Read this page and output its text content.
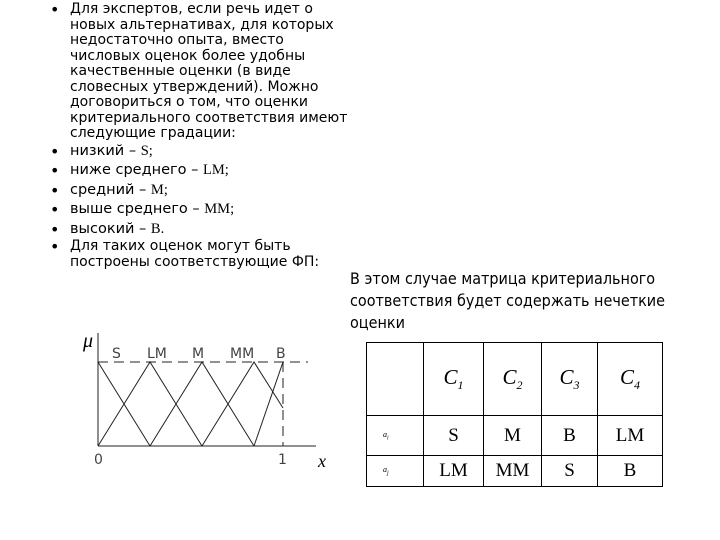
• Для экспертов, если речь идет о новых альтернативах, для которых недостаточно опыта, вместо числовых оценок более удобны качественные оценки (в виде словесных утверждений). Можно договориться о том, что оценки критериального соответствия имеют следующие градации:
• низкий – S;
• ниже среднего – LM;
• средний – M;
• выше среднего – MM;
• высокий – B.
• Для таких оценок могут быть построены соответствующие ФП:
В этом случае матрица критериального соответствия будет содержать нечеткие оценки
μ
x
0	1
S LM M MM B
	$C_1$	$C_2$	$C_3$	$C_4$
$a_i$	S	M	B	LM
$a_j$	LM	MM	S	B
